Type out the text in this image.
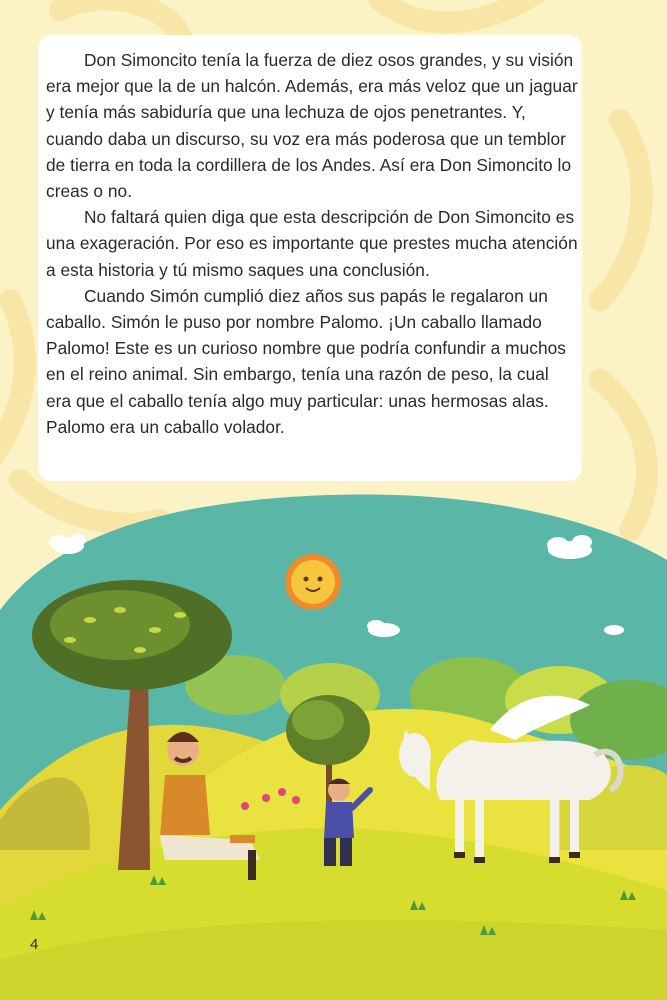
Don Simoncito tenía la fuerza de diez osos grandes, y su visión era mejor que la de un halcón. Además, era más veloz que un jaguar y tenía más sabiduría que una lechuza de ojos penetrantes. Y, cuando daba un discurso, su voz era más poderosa que un temblor de tierra en toda la cordillera de los Andes. Así era Don Simoncito lo creas o no.

No faltará quien diga que esta descripción de Don Simoncito es una exageración. Por eso es importante que prestes mucha atención a esta historia y tú mismo saques una conclusión.

Cuando Simón cumplió diez años sus papás le regalaron un caballo. Simón le puso por nombre Palomo. ¡Un caballo llamado Palomo! Este es un curioso nombre que podría confundir a muchos en el reino animal. Sin embargo, tenía una razón de peso, la cual era que el caballo tenía algo muy particular: unas hermosas alas. Palomo era un caballo volador.

4
